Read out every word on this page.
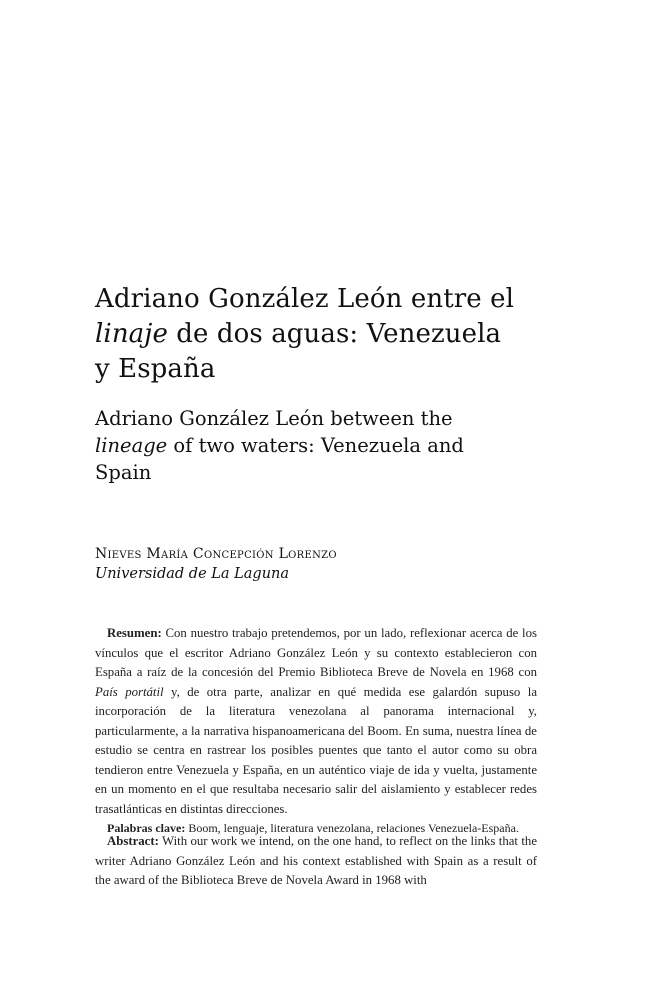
Adriano González León entre el
linaje de dos aguas: Venezuela
y España
Adriano González León between the
lineage of two waters: Venezuela and
Spain
Nieves María Concepción Lorenzo
Universidad de La Laguna

Resumen: Con nuestro trabajo pretendemos, por un lado, reflexionar acerca de los vínculos que el escritor Adriano González León y su contexto establecieron con España a raíz de la concesión del Premio Biblioteca Breve de Novela en 1968 con País portátil y, de otra parte, analizar en qué medida ese galardón supuso la incorporación de la literatura venezolana al panorama internacional y, particularmente, a la narrativa hispanoamericana del Boom. En suma, nuestra línea de estudio se centra en rastrear los posibles puentes que tanto el autor como su obra tendieron entre Venezuela y España, en un auténtico viaje de ida y vuelta, justamente en un momento en el que resultaba necesario salir del aislamiento y establecer redes trasatlánticas en distintas direcciones.

Palabras clave: Boom, lenguaje, literatura venezolana, relaciones Venezuela-España.

Abstract: With our work we intend, on the one hand, to reflect on the links that the writer Adriano González León and his context established with Spain as a result of the award of the Biblioteca Breve de Novela Award in 1968 with
